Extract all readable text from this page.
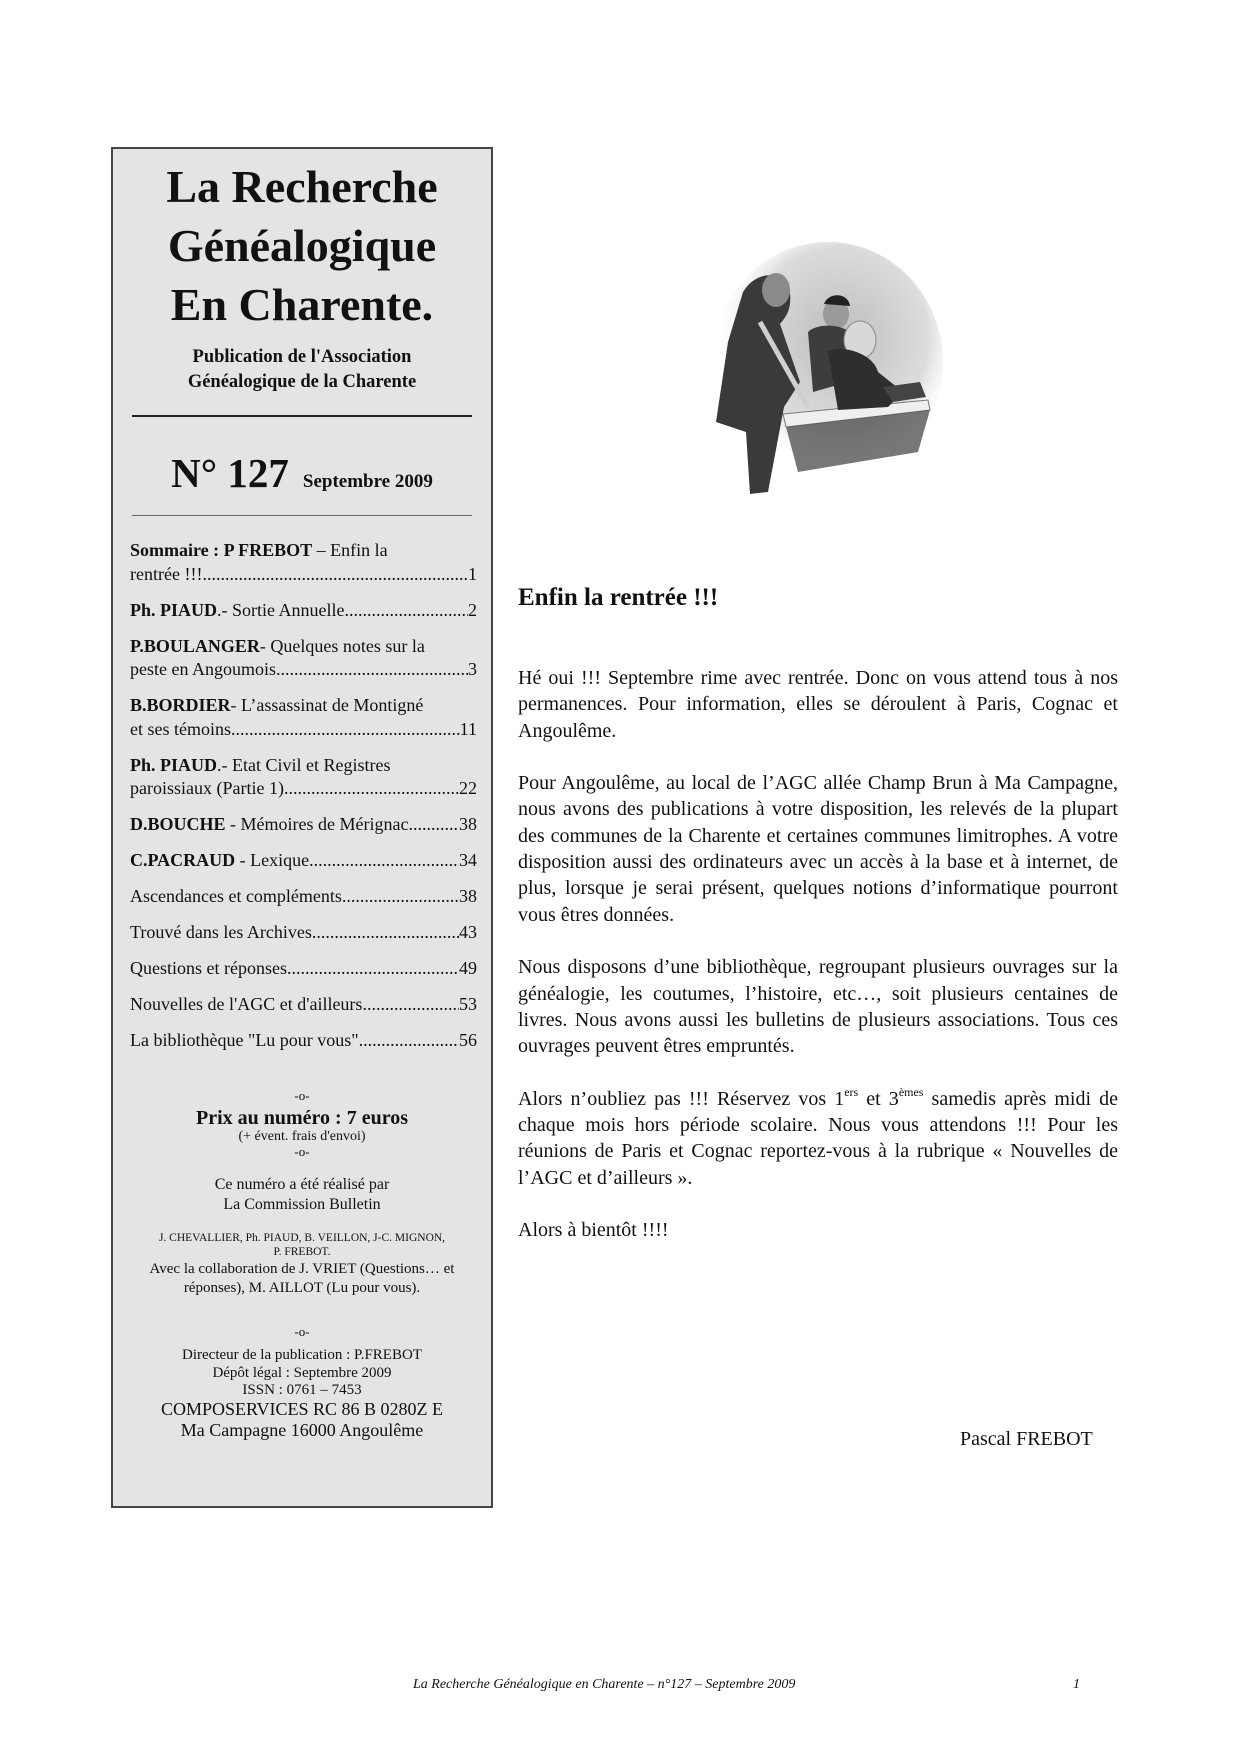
La Recherche
Généalogique
En Charente.
Publication de l'Association
Généalogique de la Charente
N° 127 Septembre 2009
Sommaire : P FREBOT – Enfin la
rentrée !!! .....	1
Ph. PIAUD.- Sortie Annuelle .....	2
P.BOULANGER- Quelques notes sur la
peste en Angoumois .....	3
B.BORDIER- L’assassinat de Montigné
et ses témoins .....	11
Ph. PIAUD.- Etat Civil et Registres
paroissiaux (Partie 1) .....	22
D.BOUCHE - Mémoires de Mérignac .....	38
C.PACRAUD - Lexique .....	34
Ascendances et compléments .....	38
Trouvé dans les Archives .....	43
Questions et réponses .....	49
Nouvelles de l'AGC et d'ailleurs .....	53
La bibliothèque "Lu pour vous" .....	56
-o-
Prix au numéro : 7 euros
(+ évent. frais d'envoi)
-o-
Ce numéro a été réalisé par
La Commission Bulletin
J. CHEVALLIER, Ph. PIAUD, B. VEILLON, J-C. MIGNON,
P. FREBOT.
Avec la collaboration de J. VRIET (Questions… et
réponses), M. AILLOT (Lu pour vous).
-o-
Directeur de la publication : P.FREBOT
Dépôt légal : Septembre 2009
ISSN : 0761 – 7453
COMPOSERVICES RC 86 B 0280Z E
Ma Campagne 16000 Angoulême
Enfin la rentrée !!!

Hé oui !!! Septembre rime avec rentrée. Donc on vous attend tous à nos permanences. Pour information, elles se déroulent à Paris, Cognac et Angoulême.

Pour Angoulême, au local de l’AGC allée Champ Brun à Ma Campagne, nous avons des publications à votre disposition, les relevés de la plupart des communes de la Charente et certaines communes limitrophes. A votre disposition aussi des ordinateurs avec un accès à la base et à internet, de plus, lorsque je serai présent, quelques notions d’informatique pourront vous êtres données.

Nous disposons d’une bibliothèque, regroupant plusieurs ouvrages sur la généalogie, les coutumes, l’histoire, etc…, soit plusieurs centaines de livres. Nous avons aussi les bulletins de plusieurs associations. Tous ces ouvrages peuvent êtres empruntés.

Alors n’oubliez pas !!! Réservez vos 1ers et 3èmes samedis après midi de chaque mois hors période scolaire. Nous vous attendons !!! Pour les réunions de Paris et Cognac reportez-vous à la rubrique « Nouvelles de l’AGC et d’ailleurs ».

Alors à bientôt !!!!

Pascal FREBOT
La Recherche Généalogique en Charente – n°127 – Septembre 2009	1
